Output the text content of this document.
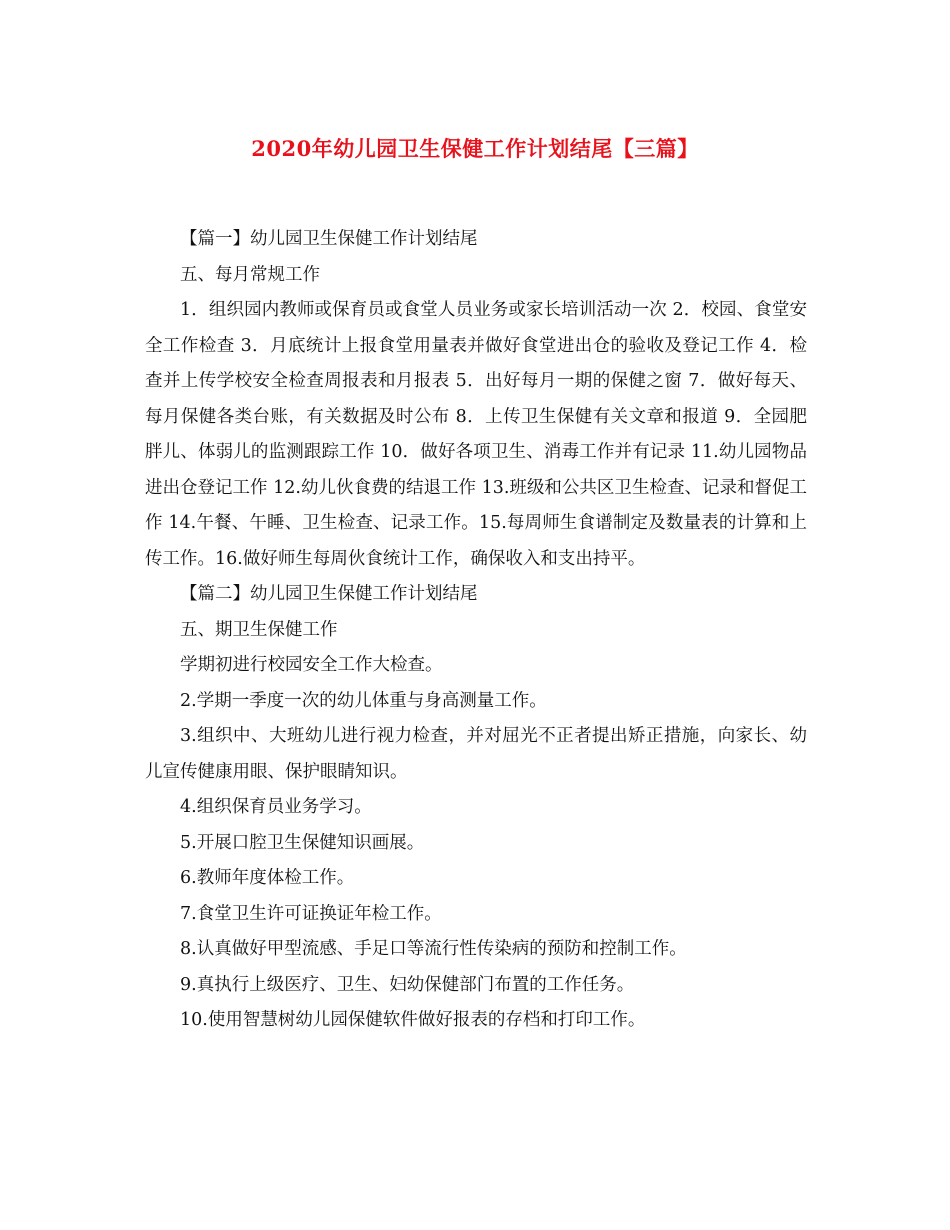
2020年幼儿园卫生保健工作计划结尾【三篇】

【篇一】幼儿园卫生保健工作计划结尾

五、每月常规工作

1．组织园内教师或保育员或食堂人员业务或家长培训活动一次 2．校园、食堂安全工作检查 3．月底统计上报食堂用量表并做好食堂进出仓的验收及登记工作 4．检查并上传学校安全检查周报表和月报表 5．出好每月一期的保健之窗 7．做好每天、每月保健各类台账，有关数据及时公布 8．上传卫生保健有关文章和报道 9．全园肥胖儿、体弱儿的监测跟踪工作 10．做好各项卫生、消毒工作并有记录 11.幼儿园物品进出仓登记工作 12.幼儿伙食费的结退工作 13.班级和公共区卫生检查、记录和督促工作 14.午餐、午睡、卫生检查、记录工作。15.每周师生食谱制定及数量表的计算和上传工作。16.做好师生每周伙食统计工作，确保收入和支出持平。

【篇二】幼儿园卫生保健工作计划结尾

五、期卫生保健工作

学期初进行校园安全工作大检查。

2.学期一季度一次的幼儿体重与身高测量工作。

3.组织中、大班幼儿进行视力检查，并对屈光不正者提出矫正措施，向家长、幼儿宣传健康用眼、保护眼睛知识。

4.组织保育员业务学习。

5.开展口腔卫生保健知识画展。

6.教师年度体检工作。

7.食堂卫生许可证换证年检工作。

8.认真做好甲型流感、手足口等流行性传染病的预防和控制工作。

9.真执行上级医疗、卫生、妇幼保健部门布置的工作任务。

10.使用智慧树幼儿园保健软件做好报表的存档和打印工作。
